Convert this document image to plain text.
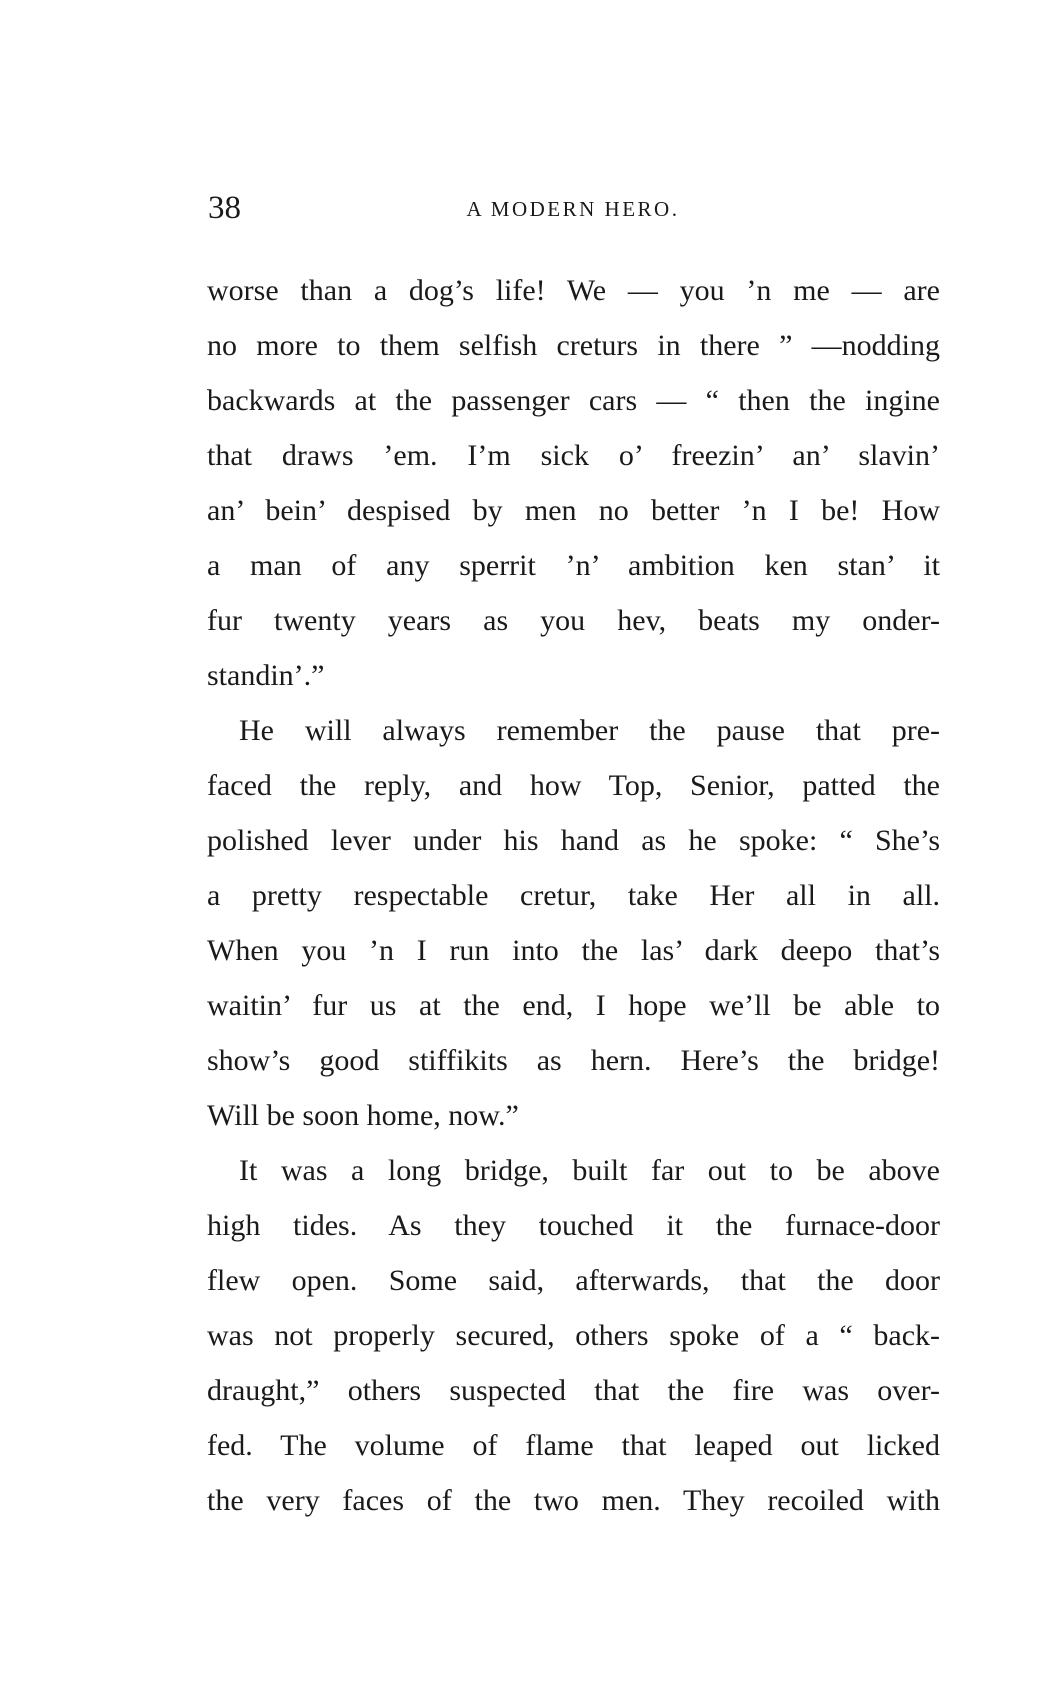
38	A MODERN HERO.
worse than a dog’s life! We — you ’n me — are
no more to them selfish creturs in there ” —nodding
backwards at the passenger cars — “ then the ingine
that draws ’em. I’m sick o’ freezin’ an’ slavin’
an’ bein’ despised by men no better ’n I be! How
a man of any sperrit ’n’ ambition ken stan’ it
fur twenty years as you hev, beats my onder-
standin’.”
He will always remember the pause that pre-
faced the reply, and how Top, Senior, patted the
polished lever under his hand as he spoke: “ She’s
a pretty respectable cretur, take Her all in all.
When you ’n I run into the las’ dark deepo that’s
waitin’ fur us at the end, I hope we’ll be able to
show’s good stiffikits as hern. Here’s the bridge!
Will be soon home, now.”
It was a long bridge, built far out to be above
high tides. As they touched it the furnace-door
flew open. Some said, afterwards, that the door
was not properly secured, others spoke of a “ back-
draught,” others suspected that the fire was over-
fed. The volume of flame that leaped out licked
the very faces of the two men. They recoiled with
